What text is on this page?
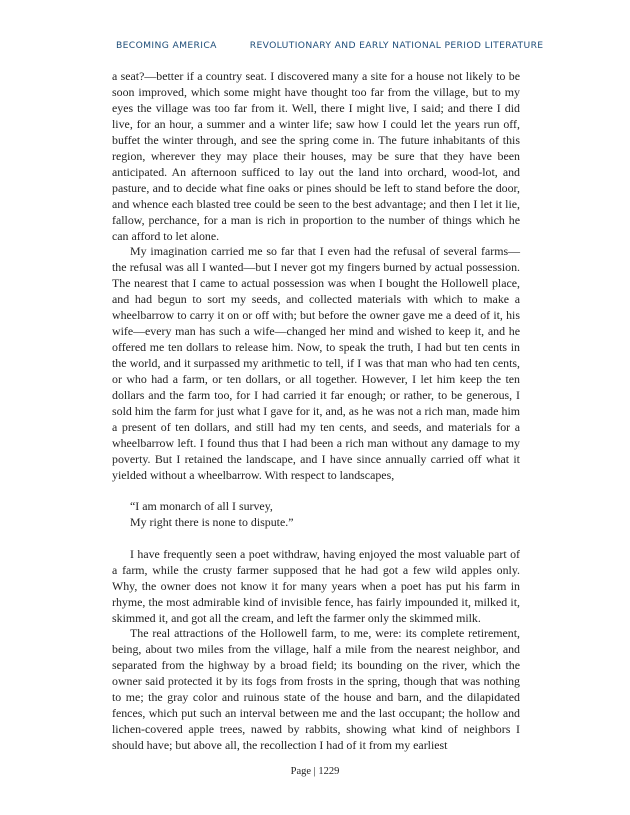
BECOMING AMERICA	REVOLUTIONARY AND EARLY NATIONAL PERIOD LITERATURE

a seat?—better if a country seat. I discovered many a site for a house not likely to be soon improved, which some might have thought too far from the village, but to my eyes the village was too far from it. Well, there I might live, I said; and there I did live, for an hour, a summer and a winter life; saw how I could let the years run off, buffet the winter through, and see the spring come in. The future inhabitants of this region, wherever they may place their houses, may be sure that they have been anticipated. An afternoon sufficed to lay out the land into orchard, wood-lot, and pasture, and to decide what fine oaks or pines should be left to stand before the door, and whence each blasted tree could be seen to the best advantage; and then I let it lie, fallow, perchance, for a man is rich in proportion to the number of things which he can afford to let alone.

My imagination carried me so far that I even had the refusal of several farms—the refusal was all I wanted—but I never got my fingers burned by actual possession. The nearest that I came to actual possession was when I bought the Hollowell place, and had begun to sort my seeds, and collected materials with which to make a wheelbarrow to carry it on or off with; but before the owner gave me a deed of it, his wife—every man has such a wife—changed her mind and wished to keep it, and he offered me ten dollars to release him. Now, to speak the truth, I had but ten cents in the world, and it surpassed my arithmetic to tell, if I was that man who had ten cents, or who had a farm, or ten dollars, or all together. However, I let him keep the ten dollars and the farm too, for I had carried it far enough; or rather, to be generous, I sold him the farm for just what I gave for it, and, as he was not a rich man, made him a present of ten dollars, and still had my ten cents, and seeds, and materials for a wheelbarrow left. I found thus that I had been a rich man without any damage to my poverty. But I retained the landscape, and I have since annually carried off what it yielded without a wheelbarrow. With respect to landscapes,

“I am monarch of all I survey,
My right there is none to dispute.”

I have frequently seen a poet withdraw, having enjoyed the most valuable part of a farm, while the crusty farmer supposed that he had got a few wild apples only. Why, the owner does not know it for many years when a poet has put his farm in rhyme, the most admirable kind of invisible fence, has fairly impounded it, milked it, skimmed it, and got all the cream, and left the farmer only the skimmed milk.

The real attractions of the Hollowell farm, to me, were: its complete retirement, being, about two miles from the village, half a mile from the nearest neighbor, and separated from the highway by a broad field; its bounding on the river, which the owner said protected it by its fogs from frosts in the spring, though that was nothing to me; the gray color and ruinous state of the house and barn, and the dilapidated fences, which put such an interval between me and the last occupant; the hollow and lichen-covered apple trees, nawed by rabbits, showing what kind of neighbors I should have; but above all, the recollection I had of it from my earliest

Page | 1229
